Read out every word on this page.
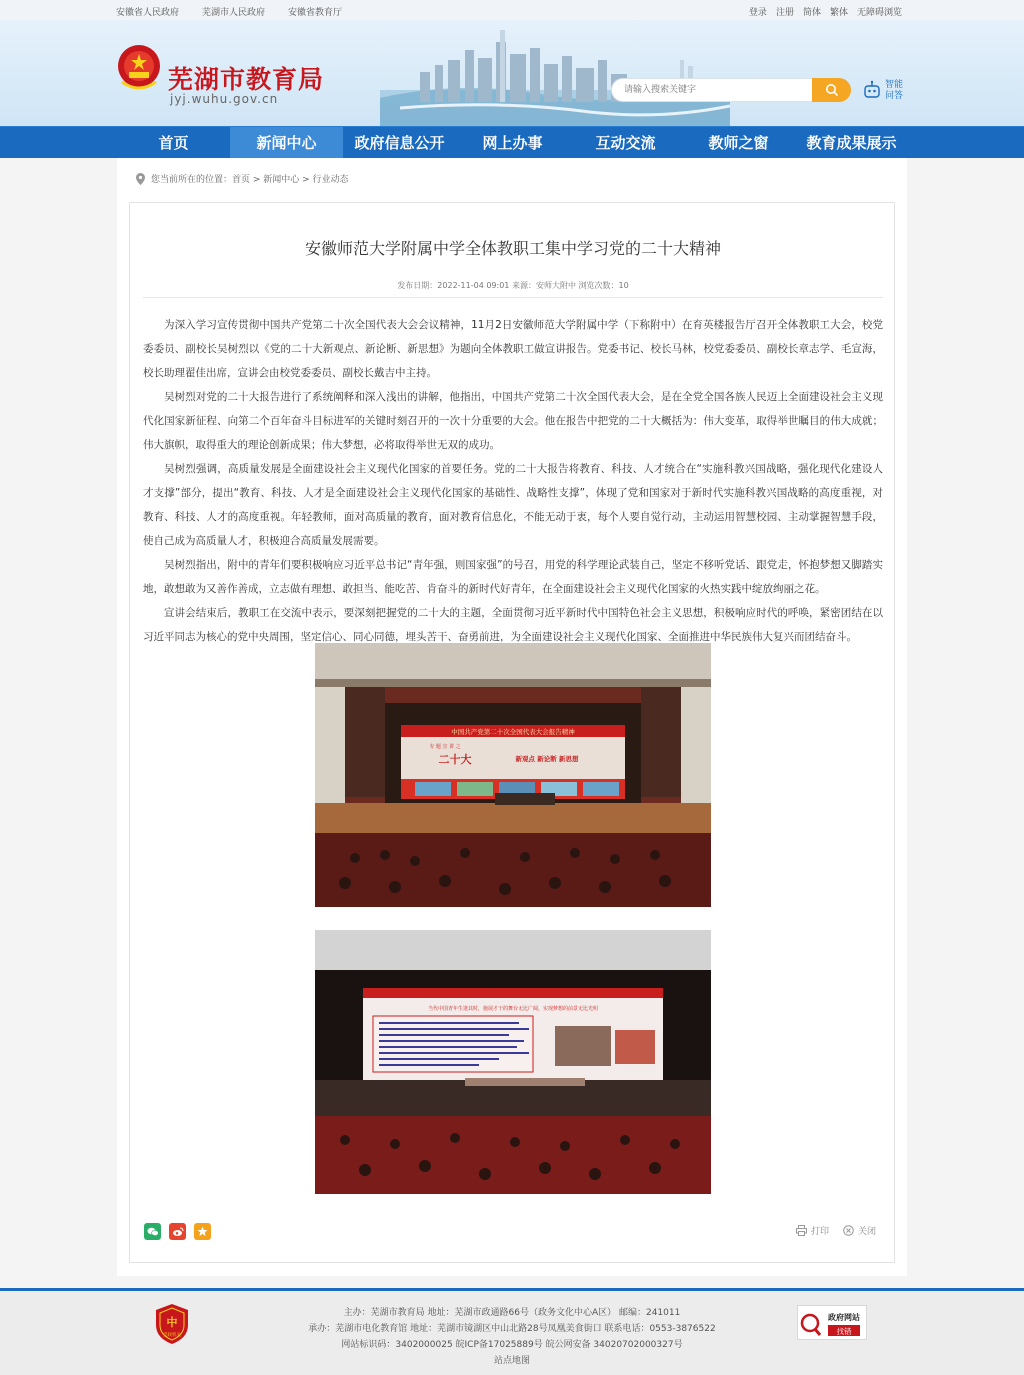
安徽省人民政府	芜湖市人民政府	安徽省教育厅	登录 注册 简体 繁体 无障碍浏览
芜湖市教育局
jyj.wuhu.gov.cn
请输入搜索关键字
智能
问答
首页	新闻中心	政府信息公开	网上办事	互动交流	教师之窗	教育成果展示
您当前所在的位置：首页 > 新闻中心 > 行业动态
安徽师范大学附属中学全体教职工集中学习党的二十大精神
发布日期：2022-11-04 09:01 来源：安师大附中 浏览次数：10

为深入学习宣传贯彻中国共产党第二十次全国代表大会会议精神，11月2日安徽师范大学附属中学（下称附中）在育英楼报告厅召开全体教职工大会，校党委委员、副校长吴树烈以《党的二十大新观点、新论断、新思想》为题向全体教职工做宣讲报告。党委书记、校长马林，校党委委员、副校长章志学、毛宣海，校长助理翟佳出席，宣讲会由校党委委员、副校长戴吉中主持。

吴树烈对党的二十大报告进行了系统阐释和深入浅出的讲解，他指出，中国共产党第二十次全国代表大会，是在全党全国各族人民迈上全面建设社会主义现代化国家新征程、向第二个百年奋斗目标进军的关键时刻召开的一次十分重要的大会。他在报告中把党的二十大概括为：伟大变革，取得举世瞩目的伟大成就；伟大旗帜，取得重大的理论创新成果；伟大梦想，必将取得举世无双的成功。

吴树烈强调，高质量发展是全面建设社会主义现代化国家的首要任务。党的二十大报告将教育、科技、人才统合在“实施科教兴国战略，强化现代化建设人才支撑”部分，提出“教育、科技、人才是全面建设社会主义现代化国家的基础性、战略性支撑”，体现了党和国家对于新时代实施科教兴国战略的高度重视，对教育、科技、人才的高度重视。年轻教师，面对高质量的教育，面对教育信息化，不能无动于衷，每个人要自觉行动，主动运用智慧校园、主动掌握智慧手段，使自己成为高质量人才，积极迎合高质量发展需要。

吴树烈指出，附中的青年们要积极响应习近平总书记“青年强，则国家强”的号召，用党的科学理论武装自己，坚定不移听党话、跟党走，怀抱梦想又脚踏实地，敢想敢为又善作善成，立志做有理想、敢担当、能吃苦、肯奋斗的新时代好青年，在全面建设社会主义现代化国家的火热实践中绽放绚丽之花。

宣讲会结束后，教职工在交流中表示，要深刻把握党的二十大的主题，全面贯彻习近平新时代中国特色社会主义思想，积极响应时代的呼唤，紧密团结在以习近平同志为核心的党中央周围，坚定信心、同心同德，埋头苦干、奋勇前进，为全面建设社会主义现代化国家、全面推进中华民族伟大复兴而团结奋斗。

中国共产党第二十次全国代表大会报告精神
专 题 宣 讲 之
二十大	新观点 新论断 新思想
当代中国青年生逢其时，施展才干的舞台无比广阔，实现梦想的前景无比光明
打印	关闭
中
党政机关
主办：芜湖市教育局 地址：芜湖市政通路66号（政务文化中心A区） 邮编：241011
承办：芜湖市电化教育馆 地址：芜湖市镜湖区中山北路28号凤凰美食街口 联系电话：0553-3876522
网站标识码：3402000025 皖ICP备17025889号 皖公网安备 34020702000327号
站点地图
政府网站
找错
